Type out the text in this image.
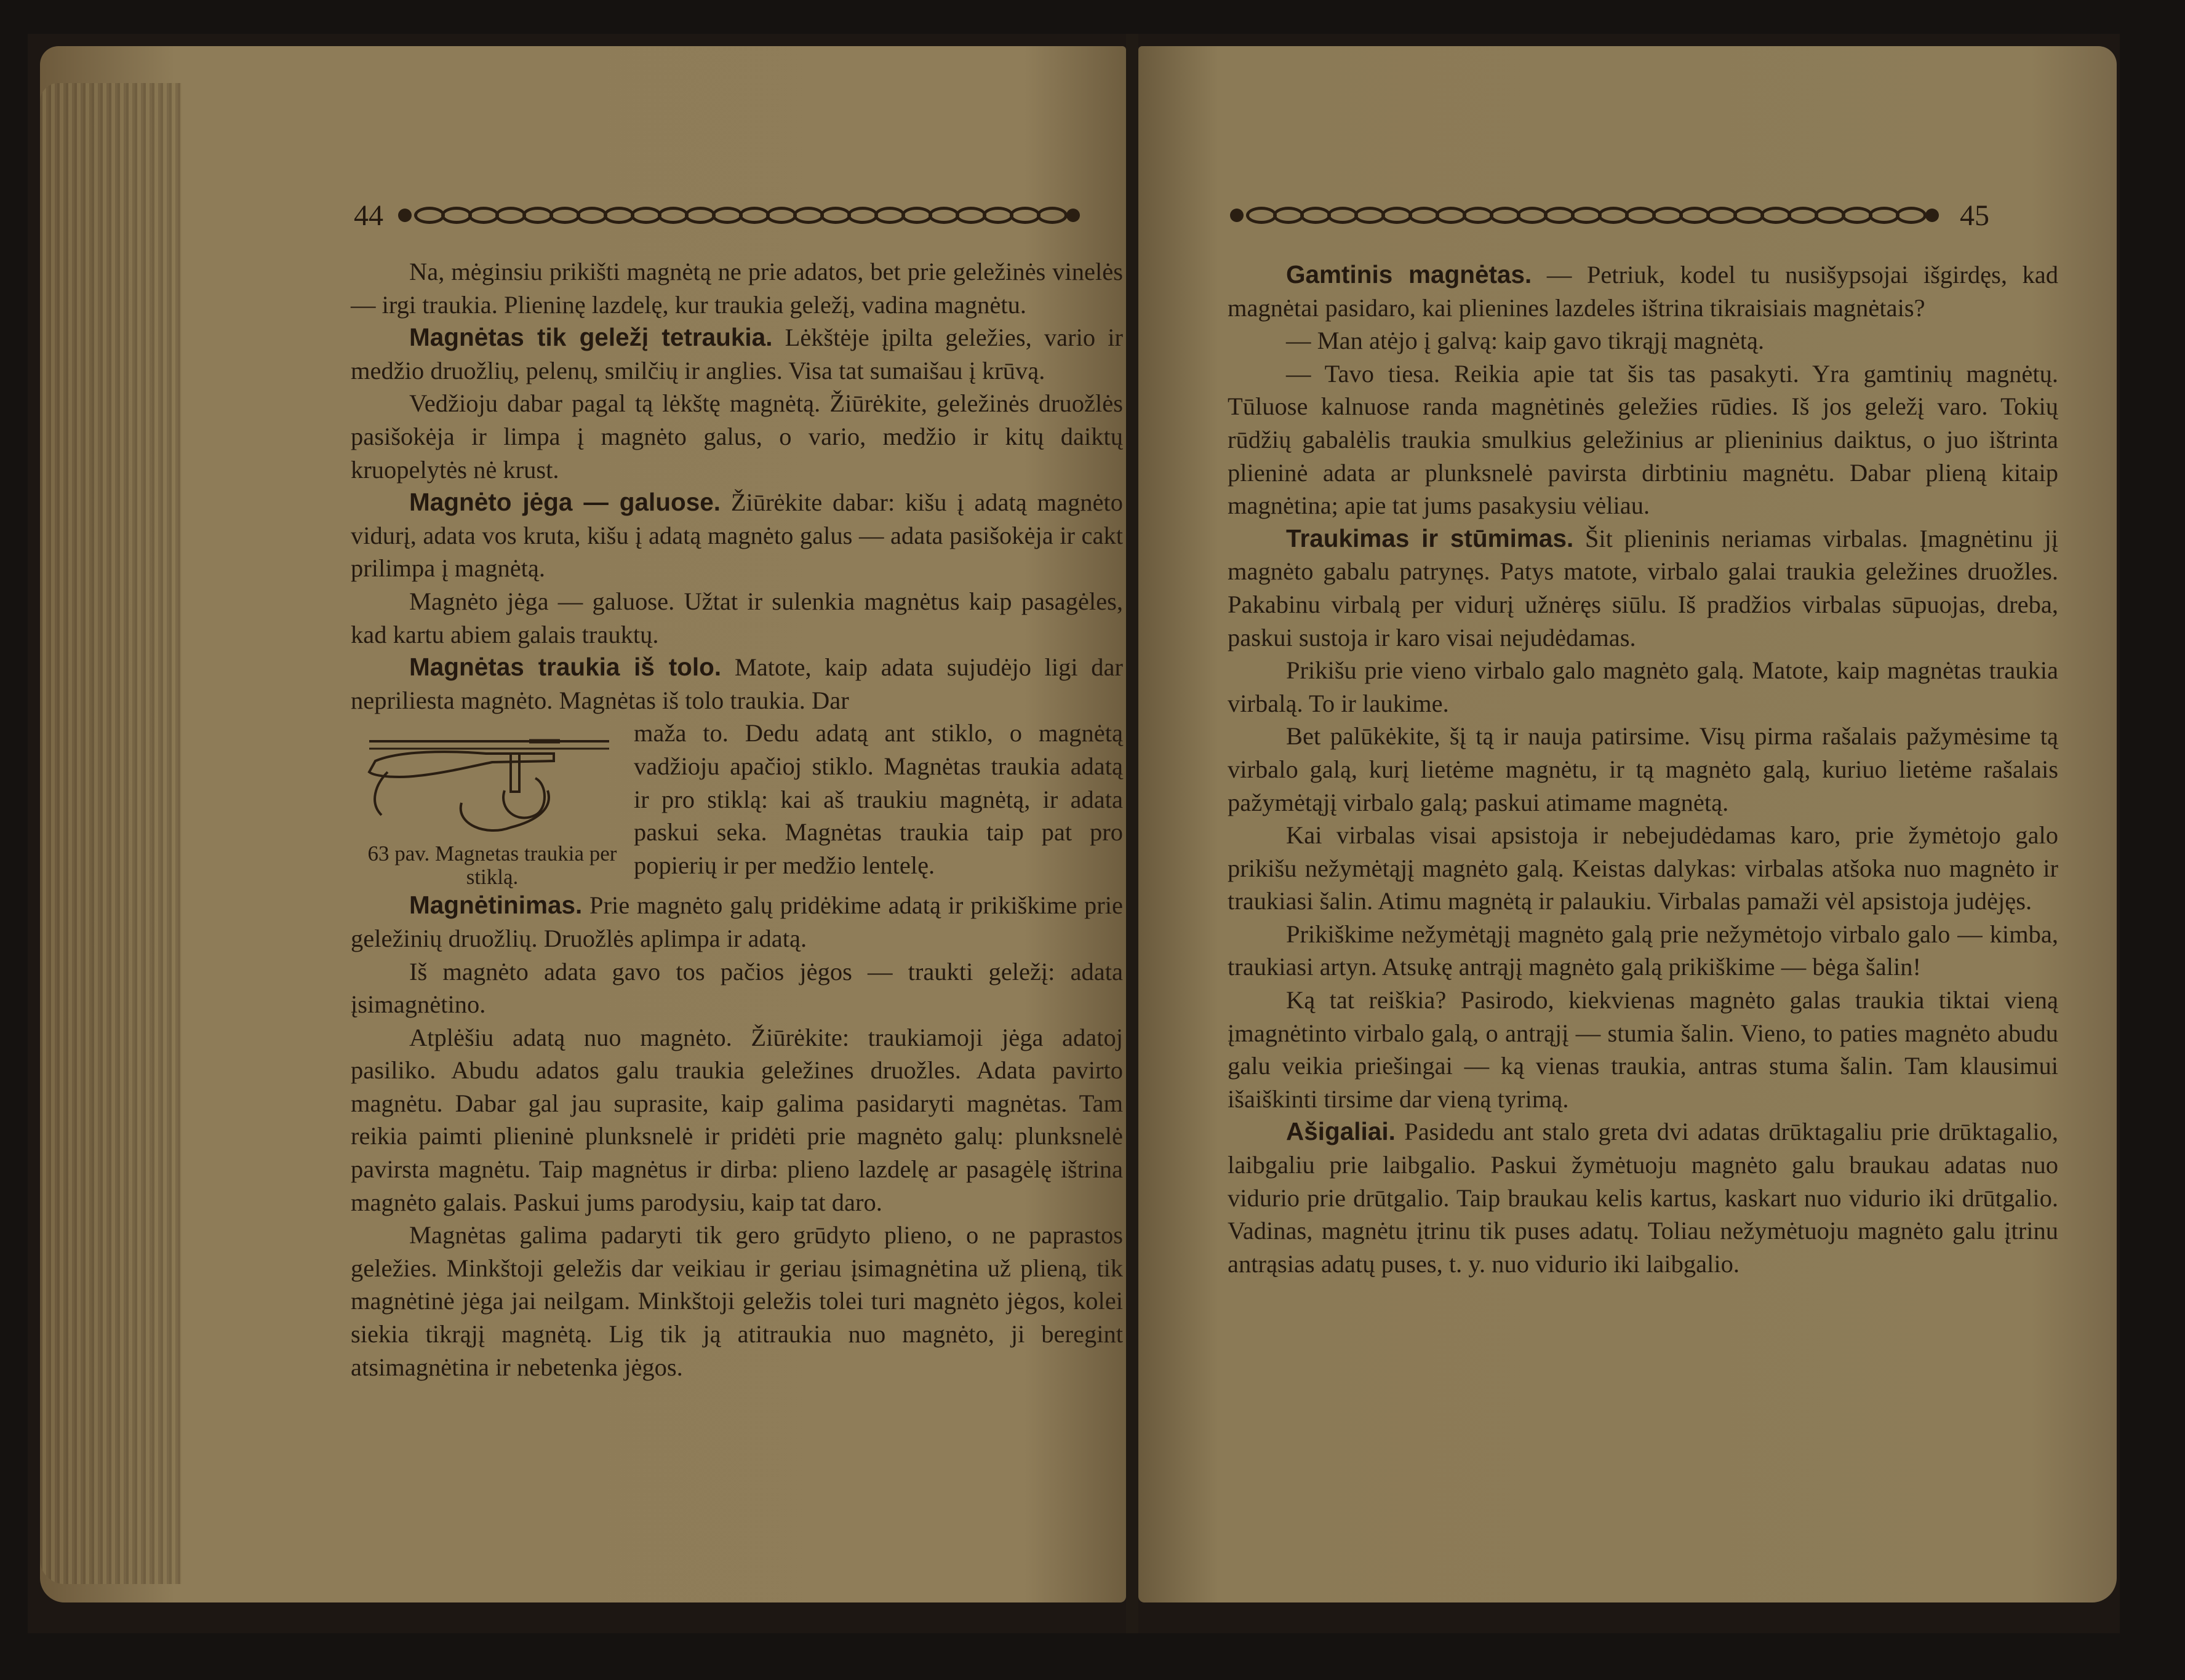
44

Na, mėginsiu prikišti magnėtą ne prie adatos, bet prie geležinės vinelės — irgi traukia. Plieninę lazdelę, kur traukia geležį, vadina magnėtu.

Magnėtas tik geležį tetraukia. Lėkštėje įpilta geležies, vario ir medžio druožlių, pelenų, smilčių ir anglies. Visa tat sumaišau į krūvą.

Vedžioju dabar pagal tą lėkštę magnėtą. Žiūrėkite, geležinės druožlės pasišokėja ir limpa į magnėto galus, o vario, medžio ir kitų daiktų kruopelytės nė krust.

Magnėto jėga — galuose. Žiūrėkite dabar: kišu į adatą magnėto vidurį, adata vos kruta, kišu į adatą magnėto galus — adata pasišokėja ir cakt prilimpa į magnėtą.

Magnėto jėga — galuose. Užtat ir sulenkia magnėtus kaip pasagėles, kad kartu abiem galais trauktų.

Magnėtas traukia iš tolo. Matote, kaip adata sujudėjo ligi dar nepriliesta magnėto. Magnėtas iš tolo traukia. Dar

63 pav. Magnetas traukia per stiklą.

maža to. Dedu adatą ant stiklo, o magnėtą vadžioju apačioj stiklo. Magnėtas traukia adatą ir pro stiklą: kai aš traukiu magnėtą, ir adata paskui seka. Magnėtas traukia taip pat pro popierių ir per medžio lentelę.

Magnėtinimas. Prie magnėto galų pridėkime adatą ir prikiškime prie geležinių druožlių. Druožlės aplimpa ir adatą.

Iš magnėto adata gavo tos pačios jėgos — traukti geležį: adata įsimagnėtino.

Atplėšiu adatą nuo magnėto. Žiūrėkite: traukiamoji jėga adatoj pasiliko. Abudu adatos galu traukia geležines druožles. Adata pavirto magnėtu. Dabar gal jau suprasite, kaip galima pasidaryti magnėtas. Tam reikia paimti plieninė plunksnelė ir pridėti prie magnėto galų: plunksnelė pavirsta magnėtu. Taip magnėtus ir dirba: plieno lazdelę ar pasagėlę ištrina magnėto galais. Paskui jums parodysiu, kaip tat daro.

Magnėtas galima padaryti tik gero grūdyto plieno, o ne paprastos geležies. Minkštoji geležis dar veikiau ir geriau įsimagnėtina už plieną, tik magnėtinė jėga jai neilgam. Minkštoji geležis tolei turi magnėto jėgos, kolei siekia tikrąjį magnėtą. Lig tik ją atitraukia nuo magnėto, ji beregint atsimagnėtina ir nebetenka jėgos.

45

Gamtinis magnėtas. — Petriuk, kodel tu nusišypsojai išgirdęs, kad magnėtai pasidaro, kai plienines lazdeles ištrina tikraisiais magnėtais?

— Man atėjo į galvą: kaip gavo tikrąjį magnėtą.

— Tavo tiesa. Reikia apie tat šis tas pasakyti. Yra gamtinių magnėtų. Tūluose kalnuose randa magnėtinės geležies rūdies. Iš jos geležį varo. Tokių rūdžių gabalėlis traukia smulkius geležinius ar plieninius daiktus, o juo ištrinta plieninė adata ar plunksnelė pavirsta dirbtiniu magnėtu. Dabar plieną kitaip magnėtina; apie tat jums pasakysiu vėliau.

Traukimas ir stūmimas. Šit plieninis neriamas virbalas. Įmagnėtinu jį magnėto gabalu patrynęs. Patys matote, virbalo galai traukia geležines druožles. Pakabinu virbalą per vidurį užnėręs siūlu. Iš pradžios virbalas sūpuojas, dreba, paskui sustoja ir karo visai nejudėdamas.

Prikišu prie vieno virbalo galo magnėto galą. Matote, kaip magnėtas traukia virbalą. To ir laukime.

Bet palūkėkite, šį tą ir nauja patirsime. Visų pirma rašalais pažymėsime tą virbalo galą, kurį lietėme magnėtu, ir tą magnėto galą, kuriuo lietėme rašalais pažymėtąjį virbalo galą; paskui atimame magnėtą.

Kai virbalas visai apsistoja ir nebejudėdamas karo, prie žymėtojo galo prikišu nežymėtąjį magnėto galą. Keistas dalykas: virbalas atšoka nuo magnėto ir traukiasi šalin. Atimu magnėtą ir palaukiu. Virbalas pamaži vėl apsistoja judėjęs.

Prikiškime nežymėtąjį magnėto galą prie nežymėtojo virbalo galo — kimba, traukiasi artyn. Atsukę antrąjį magnėto galą prikiškime — bėga šalin!

Ką tat reiškia? Pasirodo, kiekvienas magnėto galas traukia tiktai vieną įmagnėtinto virbalo galą, o antrąjį — stumia šalin. Vieno, to paties magnėto abudu galu veikia priešingai — ką vienas traukia, antras stuma šalin. Tam klausimui išaiškinti tirsime dar vieną tyrimą.

Ašigaliai. Pasidedu ant stalo greta dvi adatas drūktagaliu prie drūktagalio, laibgaliu prie laibgalio. Paskui žymėtuoju magnėto galu braukau adatas nuo vidurio prie drūtgalio. Taip braukau kelis kartus, kaskart nuo vidurio iki drūtgalio. Vadinas, magnėtu įtrinu tik puses adatų. Toliau nežymėtuoju magnėto galu įtrinu antrąsias adatų puses, t. y. nuo vidurio iki laibgalio.
